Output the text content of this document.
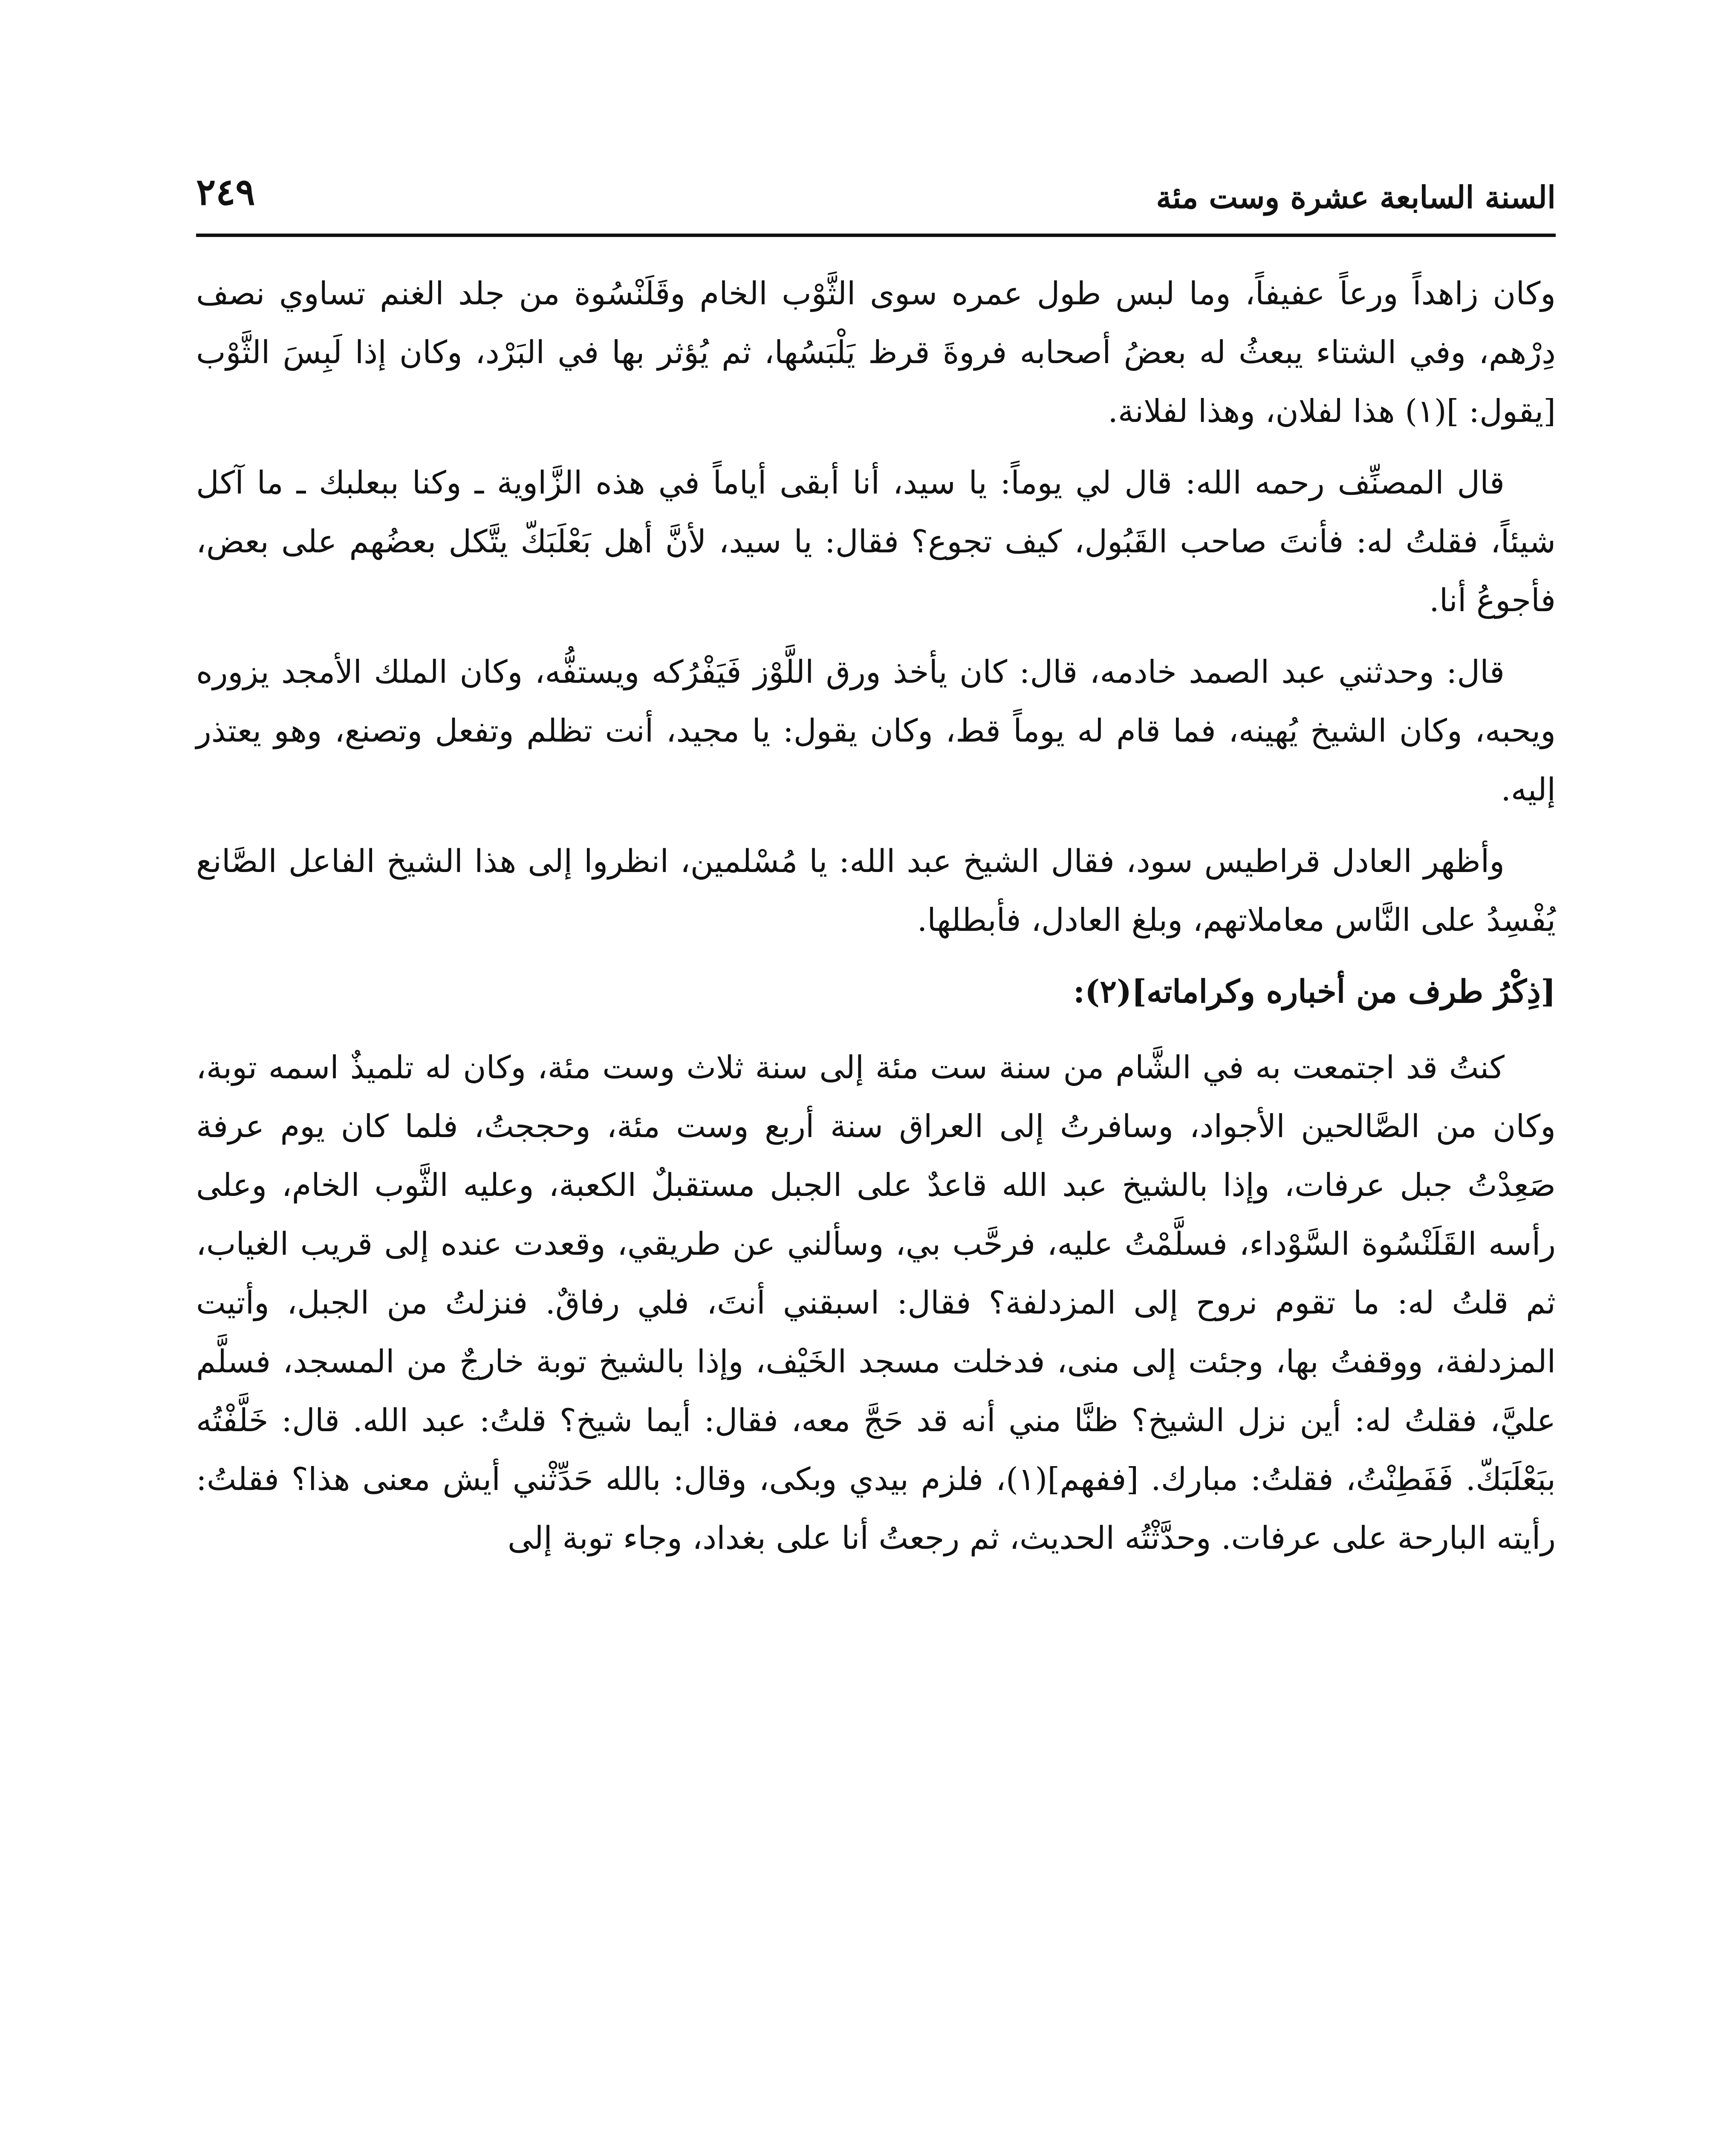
السنة السابعة عشرة وست مئة
٢٤٩

وكان زاهداً ورعاً عفيفاً، وما لبس طول عمره سوى الثَّوْب الخام وقَلَنْسُوة من جلد الغنم تساوي نصف دِرْهم، وفي الشتاء يبعثُ له بعضُ أصحابه فروةَ قرظ يَلْبَسُها، ثم يُؤثر بها في البَرْد، وكان إذا لَبِسَ الثَّوْب [يقول: ](١) هذا لفلان، وهذا لفلانة.

قال المصنِّف رحمه الله: قال لي يوماً: يا سيد، أنا أبقى أياماً في هذه الزَّاوية ـ وكنا ببعلبك ـ ما آكل شيئاً، فقلتُ له: فأنتَ صاحب القَبُول، كيف تجوع؟ فقال: يا سيد، لأنَّ أهل بَعْلَبَكّ يتَّكل بعضُهم على بعض، فأجوعُ أنا.

قال: وحدثني عبد الصمد خادمه، قال: كان يأخذ ورق اللَّوْز فَيَفْرُكه ويستفُّه، وكان الملك الأمجد يزوره ويحبه، وكان الشيخ يُهينه، فما قام له يوماً قط، وكان يقول: يا مجيد، أنت تظلم وتفعل وتصنع، وهو يعتذر إليه.

وأظهر العادل قراطيس سود، فقال الشيخ عبد الله: يا مُسْلمين، انظروا إلى هذا الشيخ الفاعل الصَّانع يُفْسِدُ على النَّاس معاملاتهم، وبلغ العادل، فأبطلها.

[ذِكْرُ طرف من أخباره وكراماته](٢):

كنتُ قد اجتمعت به في الشَّام من سنة ست مئة إلى سنة ثلاث وست مئة، وكان له تلميذٌ اسمه توبة، وكان من الصَّالحين الأجواد، وسافرتُ إلى العراق سنة أربع وست مئة، وحججتُ، فلما كان يوم عرفة صَعِدْتُ جبل عرفات، وإذا بالشيخ عبد الله قاعدٌ على الجبل مستقبلٌ الكعبة، وعليه الثَّوب الخام، وعلى رأسه القَلَنْسُوة السَّوْداء، فسلَّمْتُ عليه، فرحَّب بي، وسألني عن طريقي، وقعدت عنده إلى قريب الغياب، ثم قلتُ له: ما تقوم نروح إلى المزدلفة؟ فقال: اسبقني أنتَ، فلي رفاقٌ. فنزلتُ من الجبل، وأتيت المزدلفة، ووقفتُ بها، وجئت إلى منى، فدخلت مسجد الخَيْف، وإذا بالشيخ توبة خارجٌ من المسجد، فسلَّم عليَّ، فقلتُ له: أين نزل الشيخ؟ ظنَّا مني أنه قد حَجَّ معه، فقال: أيما شيخ؟ قلتُ: عبد الله. قال: خَلَّفْتُه ببَعْلَبَكّ. فَفَطِنْتُ، فقلتُ: مبارك. [ففهم](١)، فلزم بيدي وبكى، وقال: بالله حَدِّثْني أيش معنى هذا؟ فقلتُ: رأيته البارحة على عرفات. وحدَّثْتُه الحديث، ثم رجعتُ أنا على بغداد، وجاء توبة إلى
